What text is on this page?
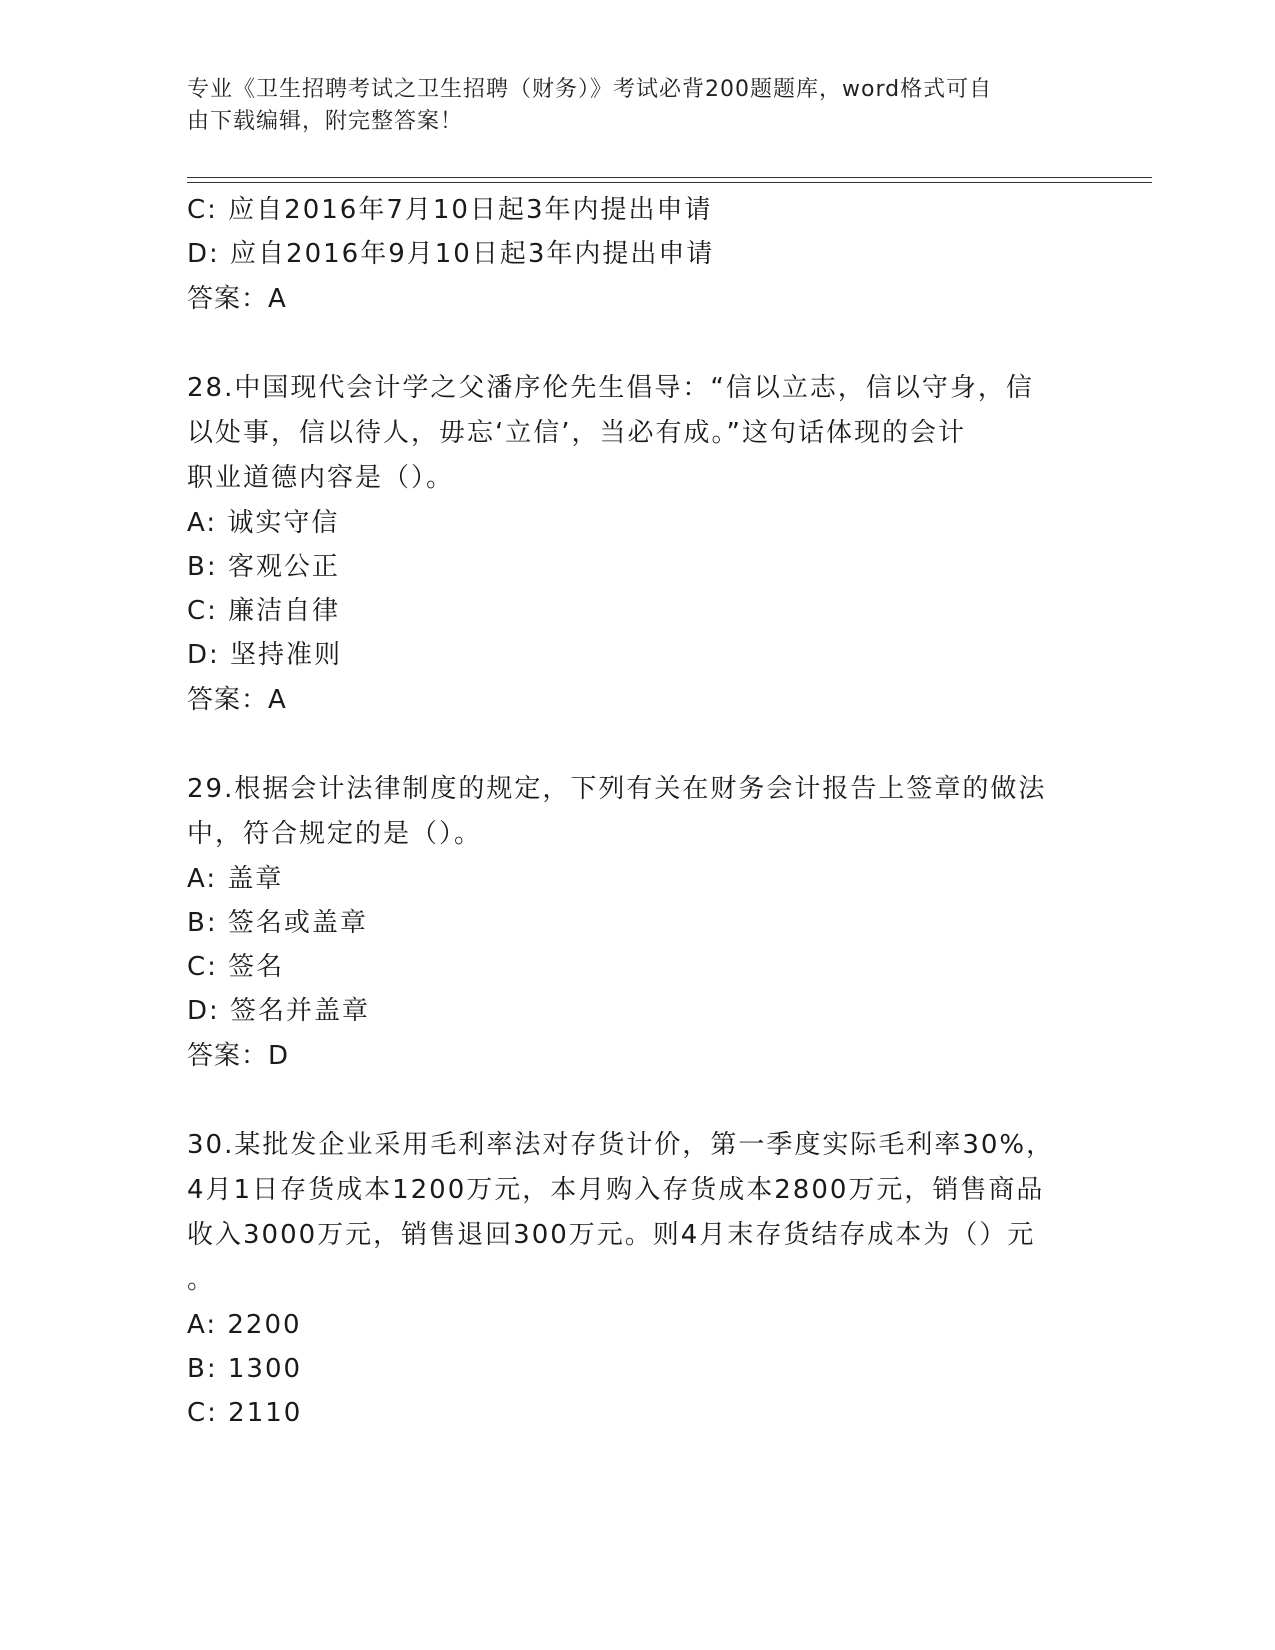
专业《卫生招聘考试之卫生招聘（财务）》考试必背200题题库，word格式可自
由下载编辑，附完整答案！
C: 应自2016年7月10日起3年内提出申请
D: 应自2016年9月10日起3年内提出申请
答案：A
28.中国现代会计学之父潘序伦先生倡导：“信以立志，信以守身，信
以处事，信以待人，毋忘‘立信’，当必有成。”这句话体现的会计
职业道德内容是（）。
A: 诚实守信
B: 客观公正
C: 廉洁自律
D: 坚持准则
答案：A
29.根据会计法律制度的规定，下列有关在财务会计报告上签章的做法
中，符合规定的是（）。
A: 盖章
B: 签名或盖章
C: 签名
D: 签名并盖章
答案：D
30.某批发企业采用毛利率法对存货计价，第一季度实际毛利率30%，
4月1日存货成本1200万元，本月购入存货成本2800万元，销售商品
收入3000万元，销售退回300万元。则4月末存货结存成本为（）元
。
A: 2200
B: 1300
C: 2110
